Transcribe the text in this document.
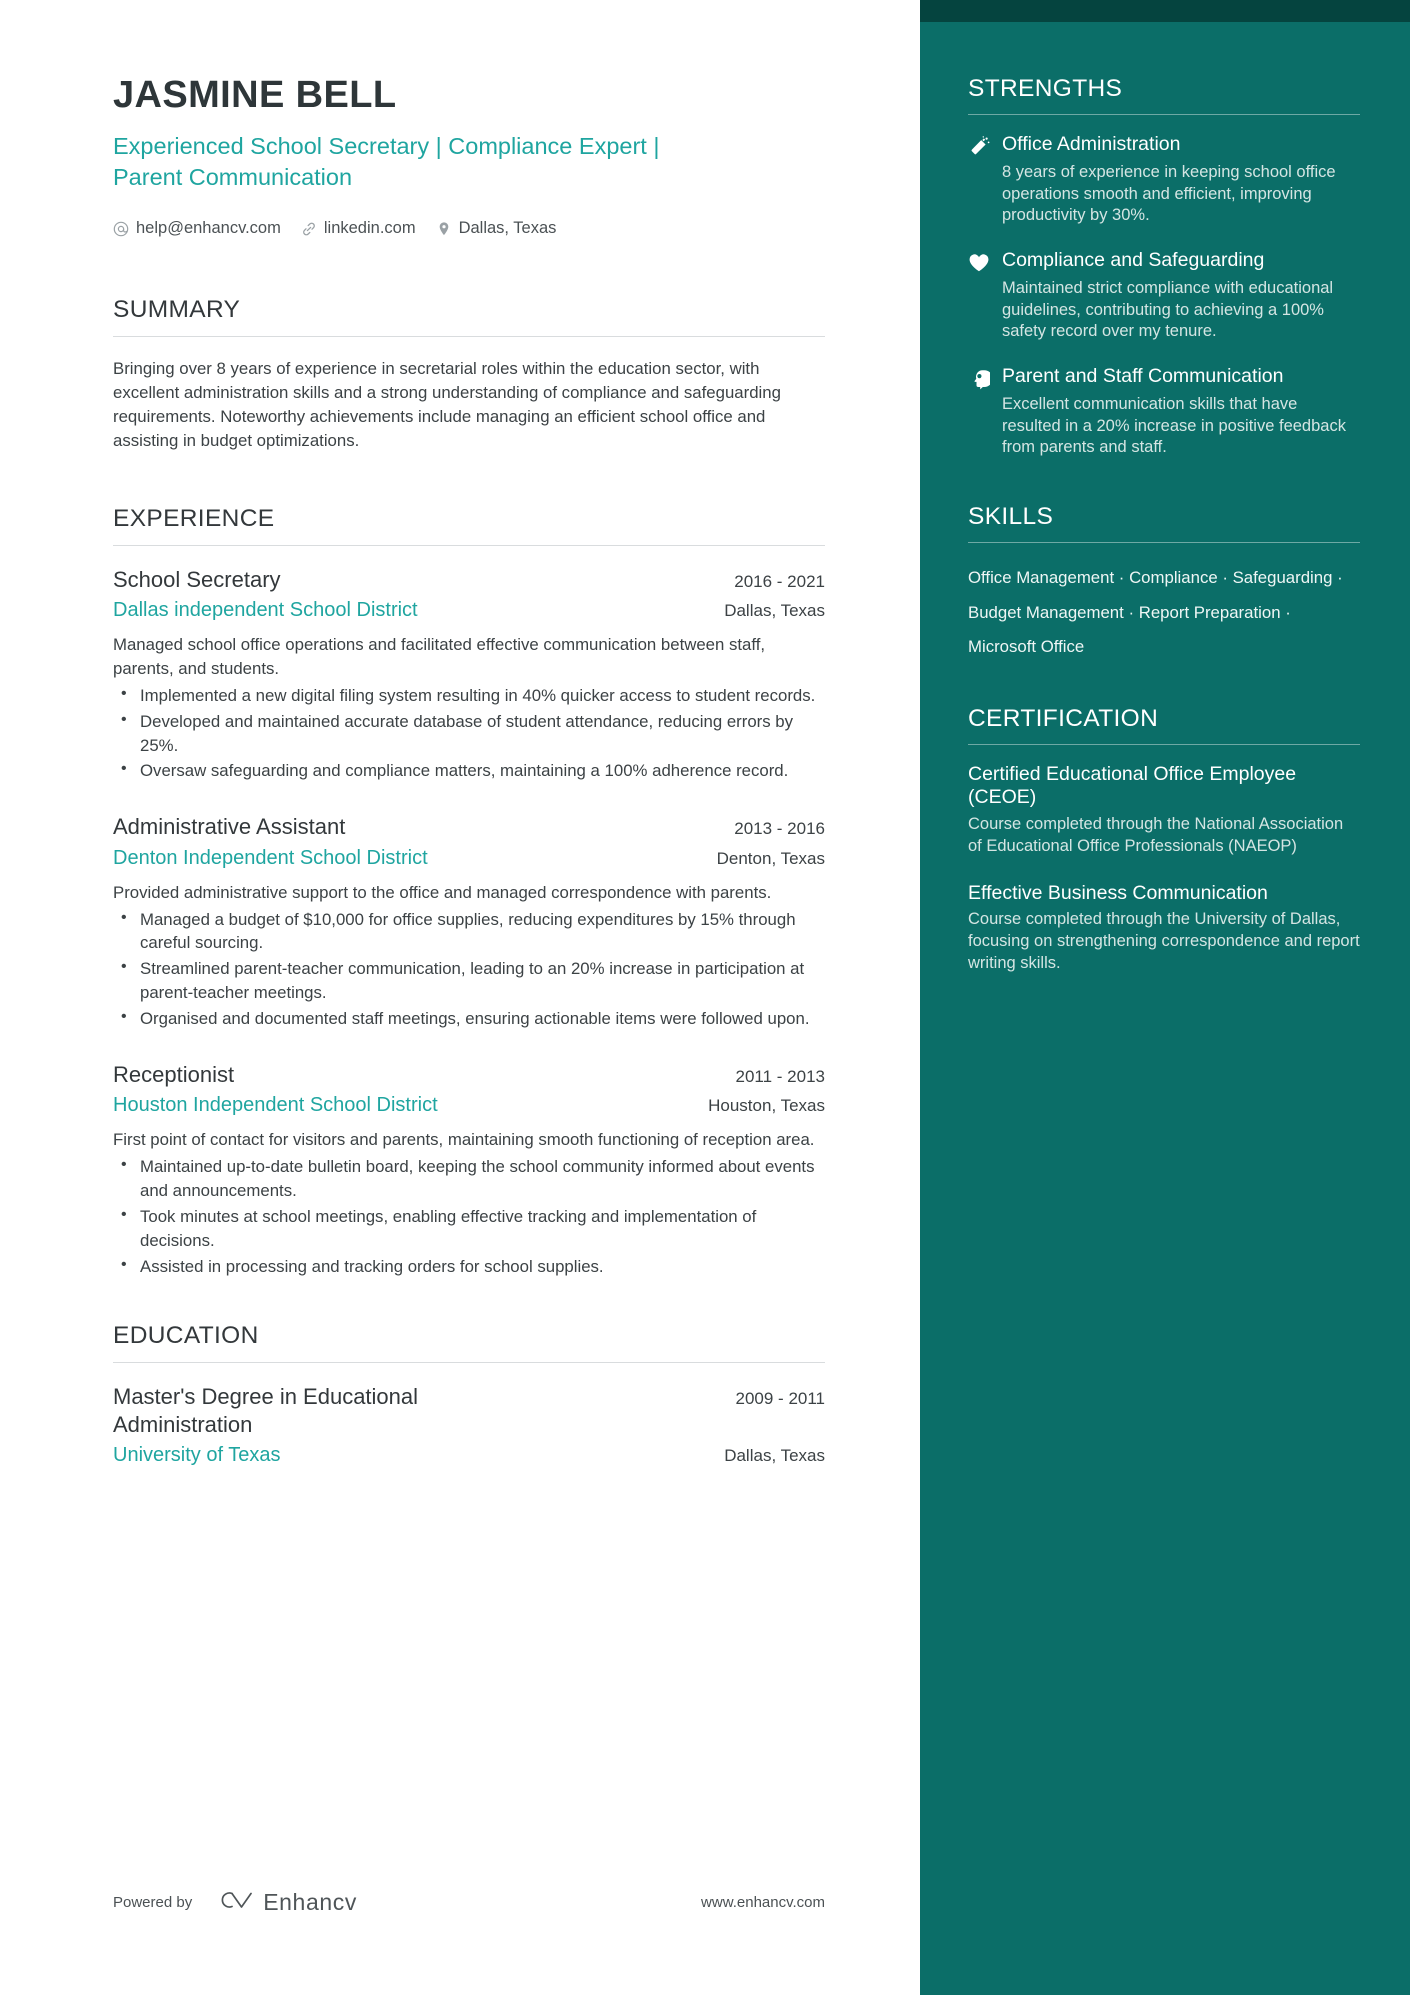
JASMINE BELL
Experienced School Secretary | Compliance Expert | Parent Communication
help@enhancv.com	linkedin.com	Dallas, Texas
SUMMARY

Bringing over 8 years of experience in secretarial roles within the education sector, with excellent administration skills and a strong understanding of compliance and safeguarding requirements. Noteworthy achievements include managing an efficient school office and assisting in budget optimizations.

EXPERIENCE
School Secretary	2016 - 2021
Dallas independent School District	Dallas, Texas

Managed school office operations and facilitated effective communication between staff, parents, and students.

• Implemented a new digital filing system resulting in 40% quicker access to student records.
• Developed and maintained accurate database of student attendance, reducing errors by 25%.
• Oversaw safeguarding and compliance matters, maintaining a 100% adherence record.
Administrative Assistant	2013 - 2016
Denton Independent School District	Denton, Texas

Provided administrative support to the office and managed correspondence with parents.

• Managed a budget of $10,000 for office supplies, reducing expenditures by 15% through careful sourcing.
• Streamlined parent-teacher communication, leading to an 20% increase in participation at parent-teacher meetings.
• Organised and documented staff meetings, ensuring actionable items were followed upon.
Receptionist	2011 - 2013
Houston Independent School District	Houston, Texas

First point of contact for visitors and parents, maintaining smooth functioning of reception area.

• Maintained up-to-date bulletin board, keeping the school community informed about events and announcements.
• Took minutes at school meetings, enabling effective tracking and implementation of decisions.
• Assisted in processing and tracking orders for school supplies.
EDUCATION
Master's Degree in Educational Administration
2009 - 2011
University of Texas	Dallas, Texas
Powered by	Enhancv	www.enhancv.com
STRENGTHS
Office Administration
8 years of experience in keeping school office operations smooth and efficient, improving productivity by 30%.
Compliance and Safeguarding
Maintained strict compliance with educational guidelines, contributing to achieving a 100% safety record over my tenure.
Parent and Staff Communication
Excellent communication skills that have resulted in a 20% increase in positive feedback from parents and staff.
SKILLS
Office Management · Compliance · Safeguarding · Budget Management · Report Preparation · Microsoft Office
CERTIFICATION
Certified Educational Office Employee (CEOE)
Course completed through the National Association of Educational Office Professionals (NAEOP)
Effective Business Communication
Course completed through the University of Dallas, focusing on strengthening correspondence and report writing skills.
